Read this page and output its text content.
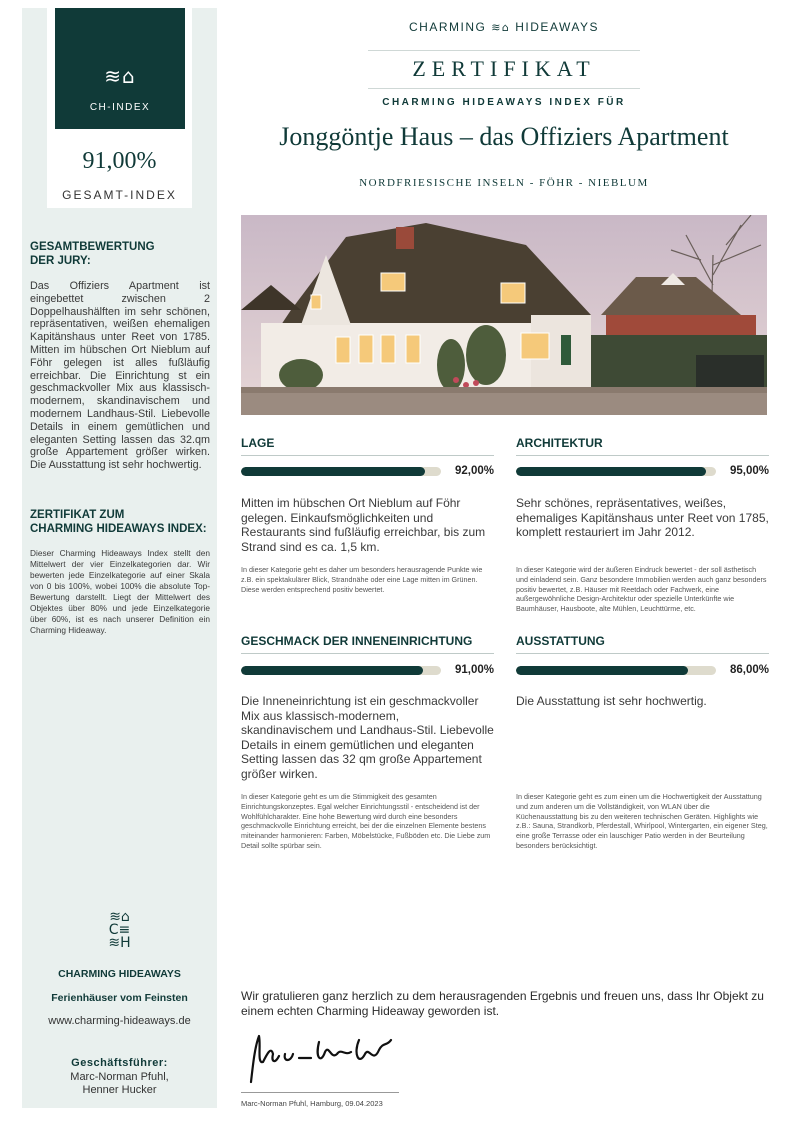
≋⌂
CH-INDEX
91,00%
GESAMT-INDEX
GESAMTBEWERTUNG
DER JURY:
Das Offiziers Apartment ist eingebettet zwischen 2 Doppelhaushälften im sehr schönen, repräsentativen, weißen ehemaligen Kapitänshaus unter Reet von 1785. Mitten im hübschen Ort Nieblum auf Föhr gelegen ist alles fußläufig erreichbar. Die Einrichtung st ein geschmackvoller Mix aus klassisch-modernem, skandinavischem und modernem Landhaus-Stil. Liebevolle Details in einem gemütlichen und eleganten Setting lassen das 32.qm große Appartement größer wirken. Die Ausstattung ist sehr hochwertig.
ZERTIFIKAT ZUM
CHARMING HIDEAWAYS INDEX:
Dieser Charming Hideaways Index stellt den Mittelwert der vier Einzelkategorien dar. Wir bewerten jede Einzelkategorie auf einer Skala von 0 bis 100%, wobei 100% die absolute Top-Bewertung darstellt. Liegt der Mittelwert des Objektes über 80% und jede Einzelkategorie über 60%, ist es nach unserer Definition ein Charming Hideaway.
≋⌂
C≡
≋H
CHARMING HIDEAWAYS
Ferienhäuser vom Feinsten
www.charming-hideaways.de
Geschäftsführer:
Marc-Norman Pfuhl,
Henner Hucker
CHARMING ≋⌂ HIDEAWAYS
ZERTIFIKAT
CHARMING HIDEAWAYS INDEX FÜR
Jonggöntje Haus – das Offiziers Apartment
NORDFRIESISCHE INSELN - FÖHR - NIEBLUM
LAGE
92,00%
Mitten im hübschen Ort Nieblum auf Föhr gelegen. Einkaufsmöglichkeiten und Restaurants sind fußläufig erreichbar, bis zum Strand sind es ca. 1,5 km.
In dieser Kategorie geht es daher um besonders herausragende Punkte wie z.B. ein spektakulärer Blick, Strandnähe oder eine Lage mitten im Grünen. Diese werden entsprechend positiv bewertet.
ARCHITEKTUR
95,00%
Sehr schönes, repräsentatives, weißes, ehemaliges Kapitänshaus unter Reet von 1785, komplett restauriert im Jahr 2012.
In dieser Kategorie wird der äußeren Eindruck bewertet - der soll ästhetisch und einladend sein. Ganz besondere Immobilien werden auch ganz besonders positiv bewertet, z.B. Häuser mit Reetdach oder Fachwerk, eine außergewöhnliche Design-Architektur oder spezielle Unterkünfte wie Baumhäuser, Hausboote, alte Mühlen, Leuchttürme, etc.
GESCHMACK DER INNENEINRICHTUNG
91,00%
Die Inneneinrichtung ist ein geschmackvoller Mix aus klassisch-modernem, skandinavischem und Landhaus-Stil. Liebevolle Details in einem gemütlichen und eleganten Setting lassen das 32 qm große Appartement größer wirken.
In dieser Kategorie geht es um die Stimmigkeit des gesamten Einrichtungskonzeptes. Egal welcher Einrichtungsstil - entscheidend ist der Wohlfühlcharakter. Eine hohe Bewertung wird durch eine besonders geschmackvolle Einrichtung erreicht, bei der die einzelnen Elemente bestens miteinander harmonieren: Farben, Möbelstücke, Fußböden etc. Die Liebe zum Detail sollte spürbar sein.
AUSSTATTUNG
86,00%
Die Ausstattung ist sehr hochwertig.
In dieser Kategorie geht es zum einen um die Hochwertigkeit der Ausstattung und zum anderen um die Vollständigkeit, von WLAN über die Küchenausstattung bis zu den weiteren technischen Geräten. Highlights wie z.B.: Sauna, Strandkorb, Pferdestall, Whirlpool, Wintergarten, ein eigener Steg, eine große Terrasse oder ein lauschiger Patio werden in der Beurteilung besonders berücksichtigt.
Wir gratulieren ganz herzlich zu dem herausragenden Ergebnis und freuen uns, dass Ihr Objekt zu einem echten Charming Hideaway geworden ist.
Marc-Norman Pfuhl, Hamburg, 09.04.2023
